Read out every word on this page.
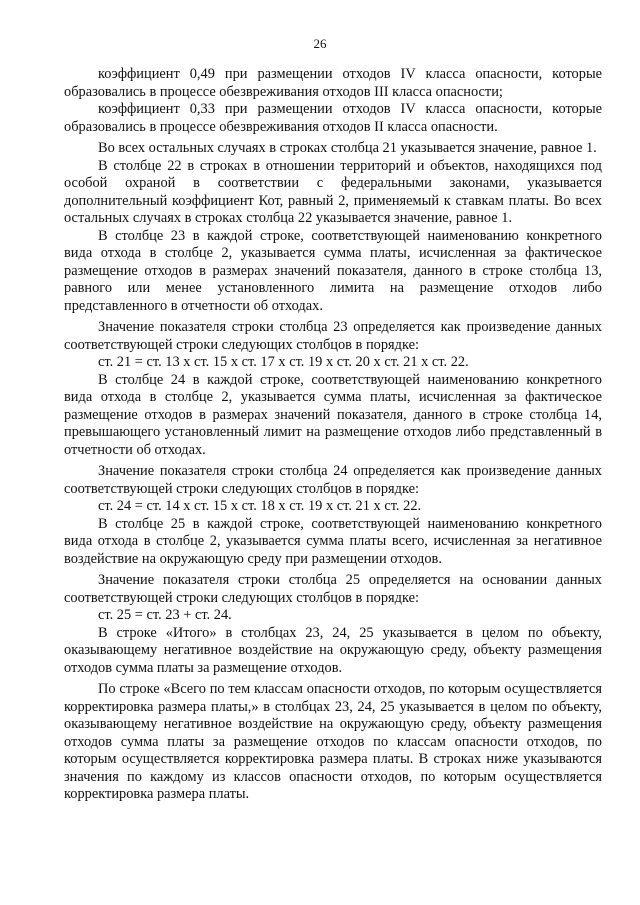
26

коэффициент 0,49 при размещении отходов IV класса опасности, которые образовались в процессе обезвреживания отходов III класса опасности;

коэффициент 0,33 при размещении отходов IV класса опасности, которые образовались в процессе обезвреживания отходов II класса опасности.

Во всех остальных случаях в строках столбца 21 указывается значение, равное 1.

В столбце 22 в строках в отношении территорий и объектов, находящихся под особой охраной в соответствии с федеральными законами, указывается дополнительный коэффициент Кот, равный 2, применяемый к ставкам платы. Во всех остальных случаях в строках столбца 22 указывается значение, равное 1.

В столбце 23 в каждой строке, соответствующей наименованию конкретного вида отхода в столбце 2, указывается сумма платы, исчисленная за фактическое размещение отходов в размерах значений показателя, данного в строке столбца 13, равного или менее установленного лимита на размещение отходов либо представленного в отчетности об отходах.

Значение показателя строки столбца 23 определяется как произведение данных соответствующей строки следующих столбцов в порядке:

ст. 21 = ст. 13 х ст. 15 х ст. 17 х ст. 19 х ст. 20 х ст. 21 х ст. 22.

В столбце 24 в каждой строке, соответствующей наименованию конкретного вида отхода в столбце 2, указывается сумма платы, исчисленная за фактическое размещение отходов в размерах значений показателя, данного в строке столбца 14, превышающего установленный лимит на размещение отходов либо представленный в отчетности об отходах.

Значение показателя строки столбца 24 определяется как произведение данных соответствующей строки следующих столбцов в порядке:

ст. 24 = ст. 14 х ст. 15 х ст. 18 х ст. 19 х ст. 21 х ст. 22.

В столбце 25 в каждой строке, соответствующей наименованию конкретного вида отхода в столбце 2, указывается сумма платы всего, исчисленная за негативное воздействие на окружающую среду при размещении отходов.

Значение показателя строки столбца 25 определяется на основании данных соответствующей строки следующих столбцов в порядке:

ст. 25 = ст. 23 + ст. 24.

В строке «Итого» в столбцах 23, 24, 25 указывается в целом по объекту, оказывающему негативное воздействие на окружающую среду, объекту размещения отходов сумма платы за размещение отходов.

По строке «Всего по тем классам опасности отходов, по которым осуществляется корректировка размера платы,» в столбцах 23, 24, 25 указывается в целом по объекту, оказывающему негативное воздействие на окружающую среду, объекту размещения отходов сумма платы за размещение отходов по классам опасности отходов, по которым осуществляется корректировка размера платы. В строках ниже указываются значения по каждому из классов опасности отходов, по которым осуществляется корректировка размера платы.
